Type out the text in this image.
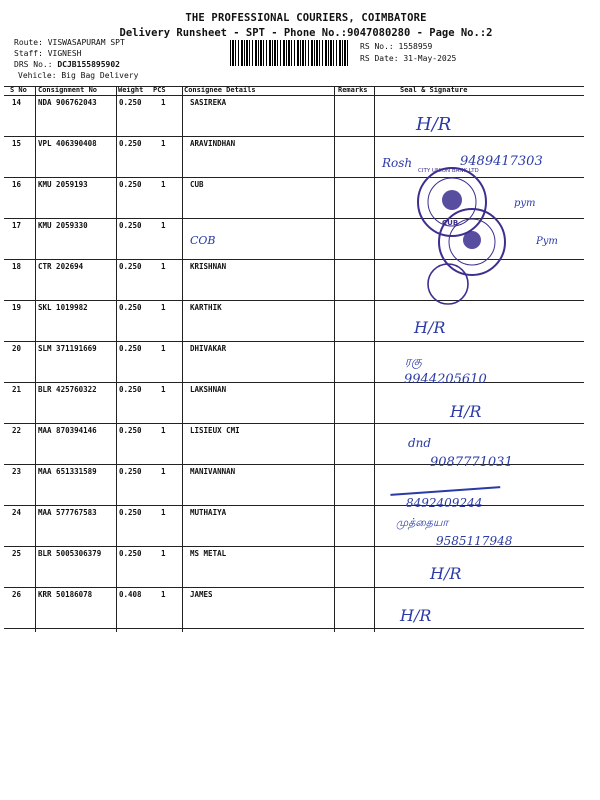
THE PROFESSIONAL COURIERS, COIMBATORE
Delivery Runsheet - SPT - Phone No.:9047080280 - Page No.:2
Route: VISWASAPURAM SPT
Staff: VIGNESH
DRS No.: DCJB155895902
Vehicle: Big Bag Delivery
RS No.: 1558959
RS Date: 31-May-2025
S No Consignment No	Weight PCS	Consignee Details	Remarks	Seal & Signature
14 NDA 906762043	0.250	1	SASIREKA
15 VPL 406390408	0.250	1	ARAVINDHAN
16 KMU 2059193	0.250	1	CUB
17 KMU 2059330	0.250	1
18 CTR 202694	0.250	1	KRISHNAN
19 SKL 1019982	0.250	1	KARTHIK
20 SLM 371191669	0.250	1	DHIVAKAR
21 BLR 425760322	0.250	1	LAKSHNAN
22 MAA 870394146	0.250	1	LISIEUX CMI
23 MAA 651331589	0.250	1	MANIVANNAN
24 MAA 577767583	0.250	1	MUTHAIYA
25 BLR 5005306379 0.250	1	MS METAL
26 KRR 50186078	0.408	1	JAMES
CUB
CITY UNION BANK LTD
H/R
Rosh	9489417303
pym
Pym
COB
H/R
ரகு
9944205610
H/R
dnd
9087771031
8492409244
முத்தையா
9585117948
H/R
H/R
